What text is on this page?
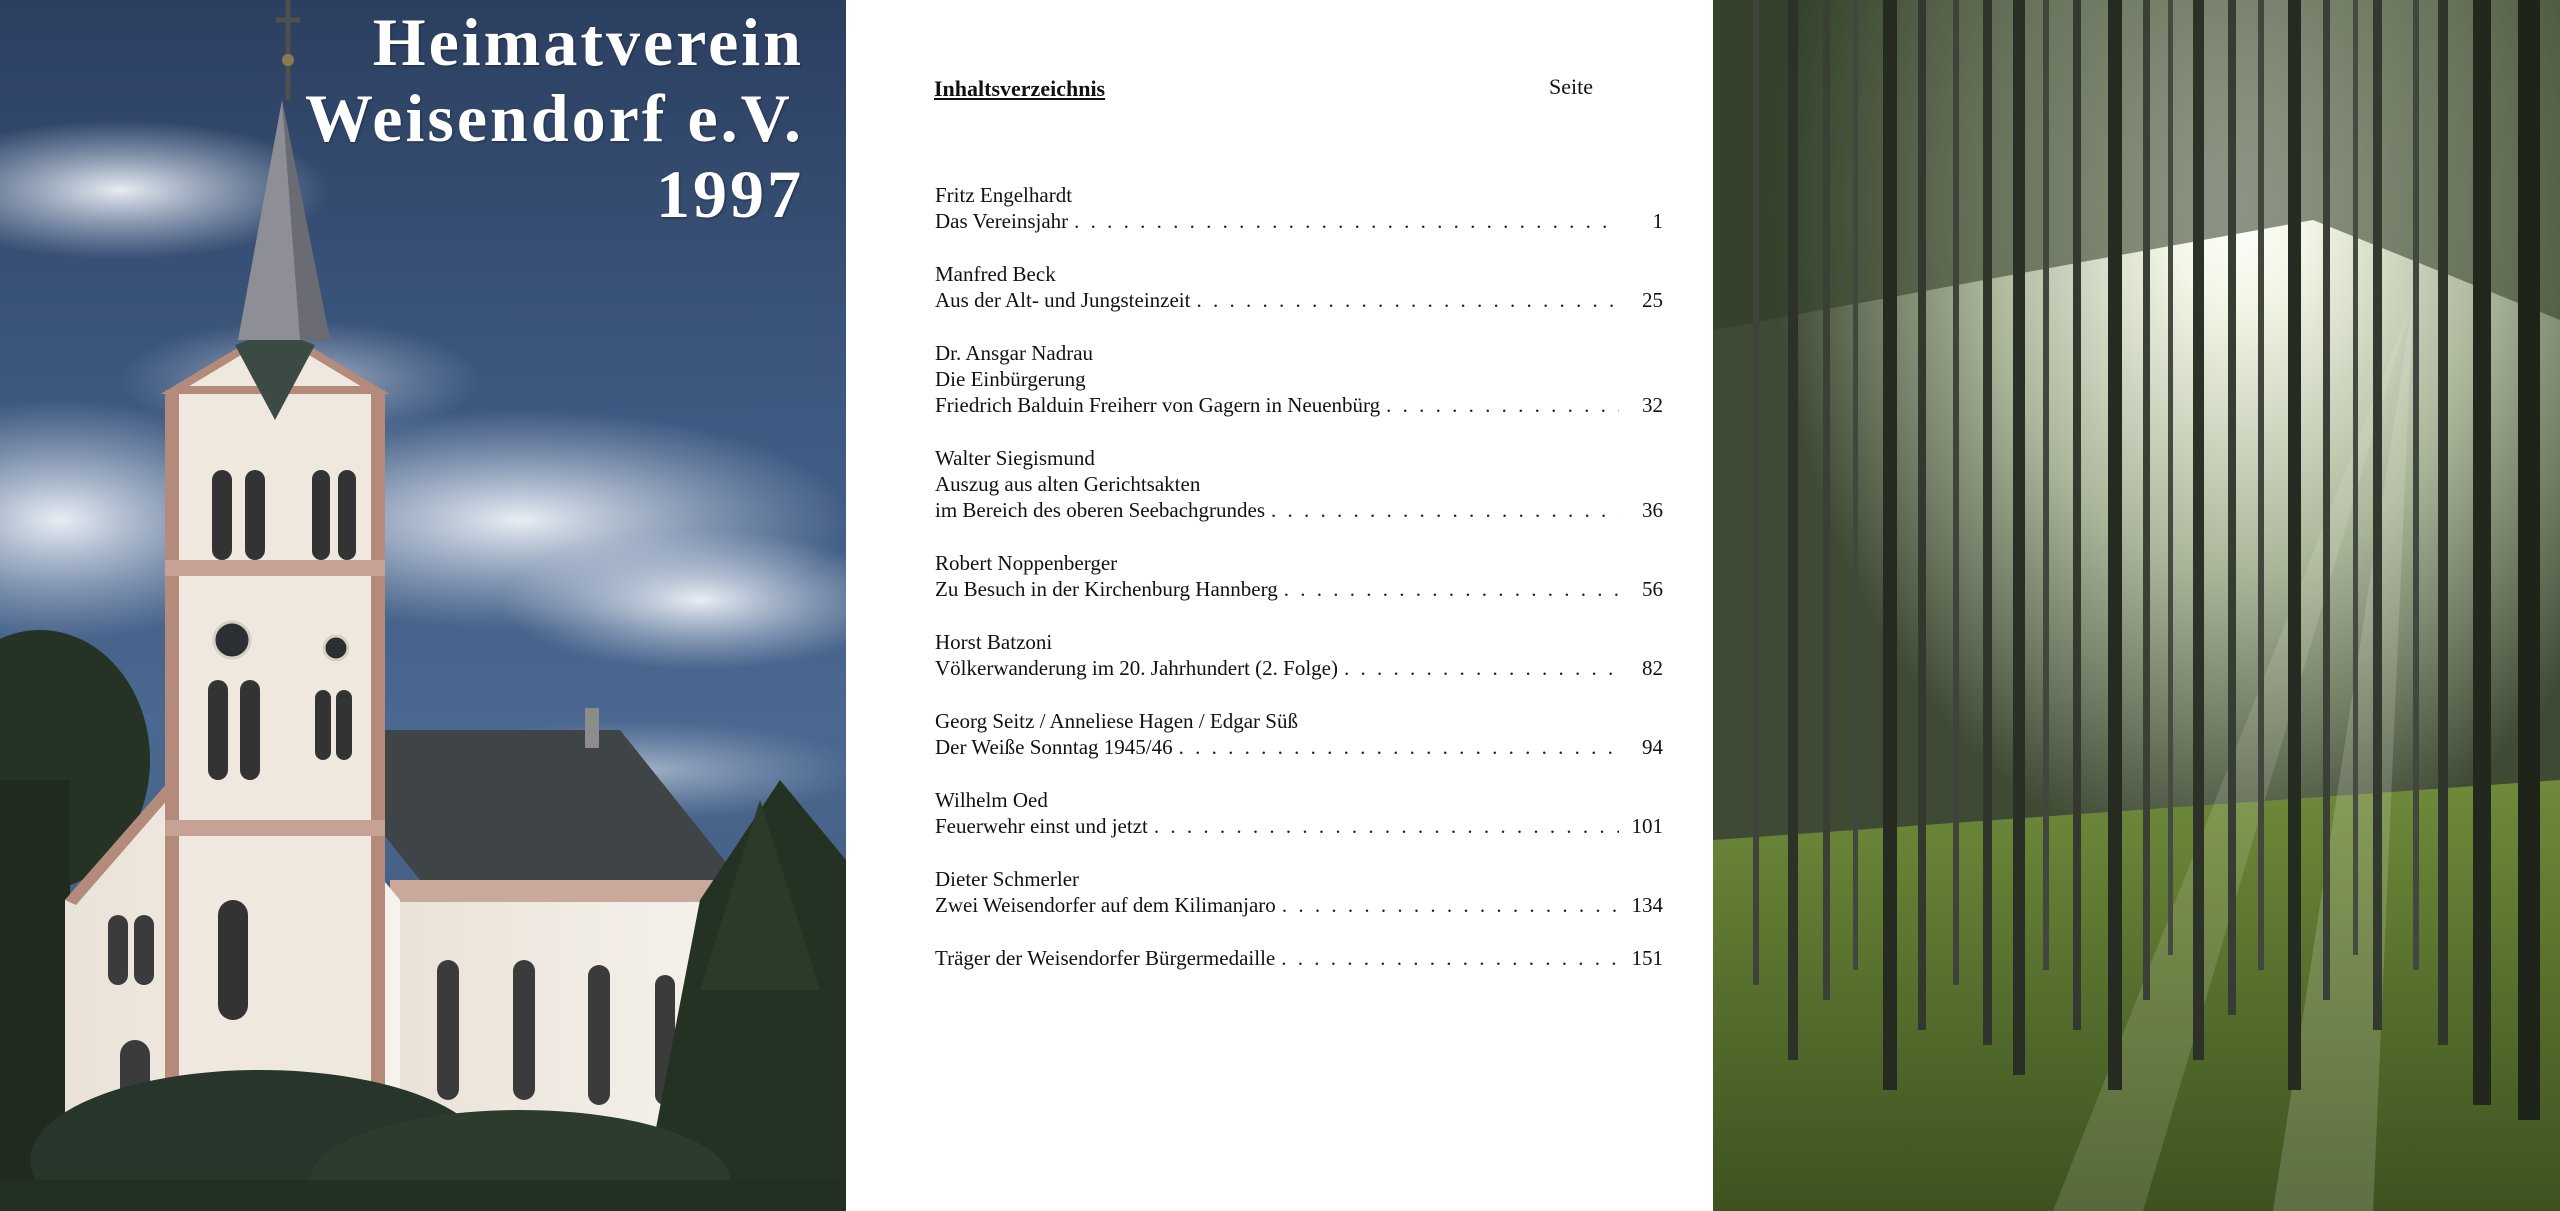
Heimatverein
Weisendorf e.V.
1997
Inhaltsverzeichnis	Seite
Fritz Engelhardt
Das Vereinsjahr . . .	1
Manfred Beck
Aus der Alt- und Jungsteinzeit . . .	25
Dr. Ansgar Nadrau
Die Einbürgerung
Friedrich Balduin Freiherr von Gagern in Neuenbürg . . .	32
Walter Siegismund
Auszug aus alten Gerichtsakten
im Bereich des oberen Seebachgrundes . . .	36
Robert Noppenberger
Zu Besuch in der Kirchenburg Hannberg . . .	56
Horst Batzoni
Völkerwanderung im 20. Jahrhundert (2. Folge) . . .	82
Georg Seitz / Anneliese Hagen / Edgar Süß
Der Weiße Sonntag 1945/46 . . .	94
Wilhelm Oed
Feuerwehr einst und jetzt . . .	101
Dieter Schmerler
Zwei Weisendorfer auf dem Kilimanjaro . . .	134
Träger der Weisendorfer Bürgermedaille . . .	151
